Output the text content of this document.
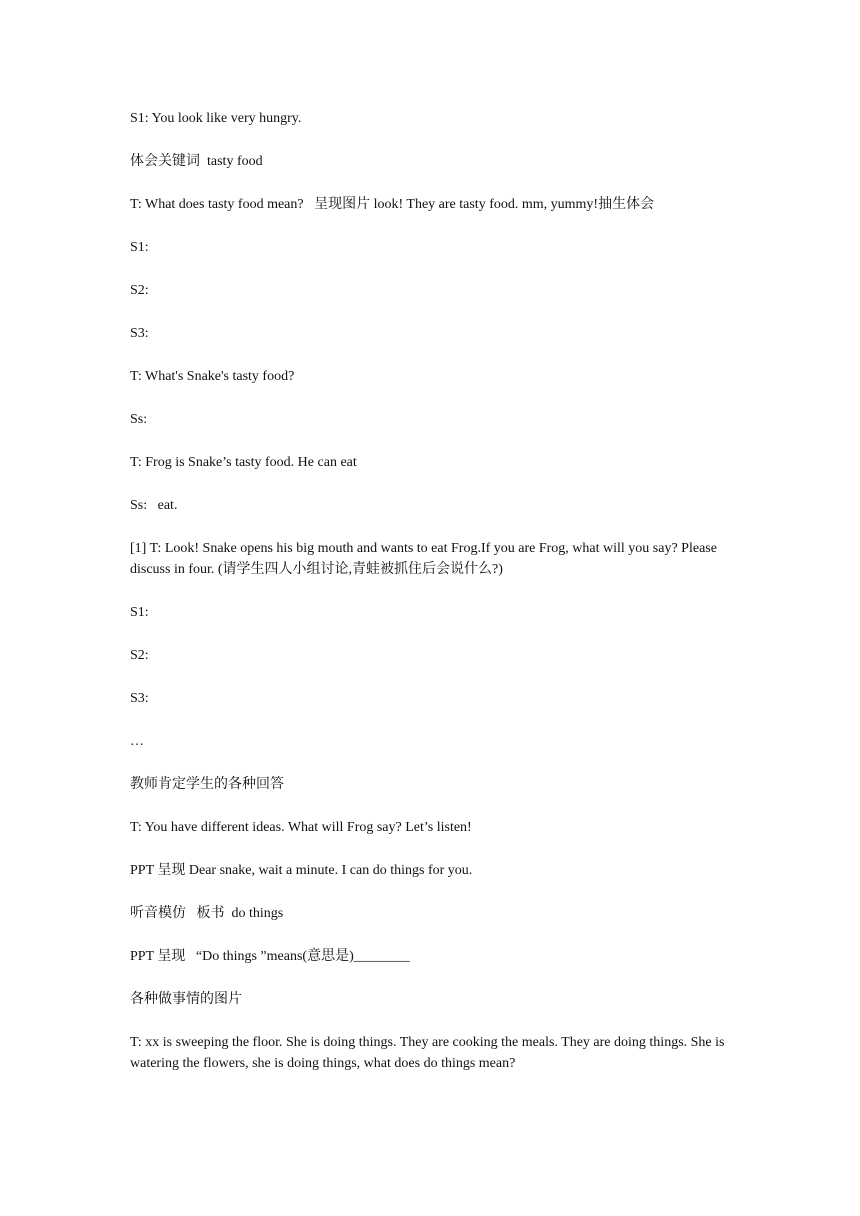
S1: You look like very hungry.

体会关键词  tasty food

T: What does tasty food mean?   呈现图片 look! They are tasty food. mm, yummy!抽生体会

S1:

S2:

S3:

T: What's Snake's tasty food?

Ss:

T: Frog is Snake’s tasty food. He can eat

Ss:   eat.

[1] T: Look! Snake opens his big mouth and wants to eat Frog.If you are Frog, what will you say? Please discuss in four. (请学生四人小组讨论,青蛙被抓住后会说什么?)

S1:

S2:

S3:

…

教师肯定学生的各种回答

T: You have different ideas. What will Frog say? Let’s listen!

PPT 呈现 Dear snake, wait a minute. I can do things for you.

听音模仿   板书  do things

PPT 呈现   “Do things ”means(意思是)________

各种做事情的图片

T: xx is sweeping the floor. She is doing things. They are cooking the meals. They are doing things. She is watering the flowers, she is doing things, what does do things mean?
